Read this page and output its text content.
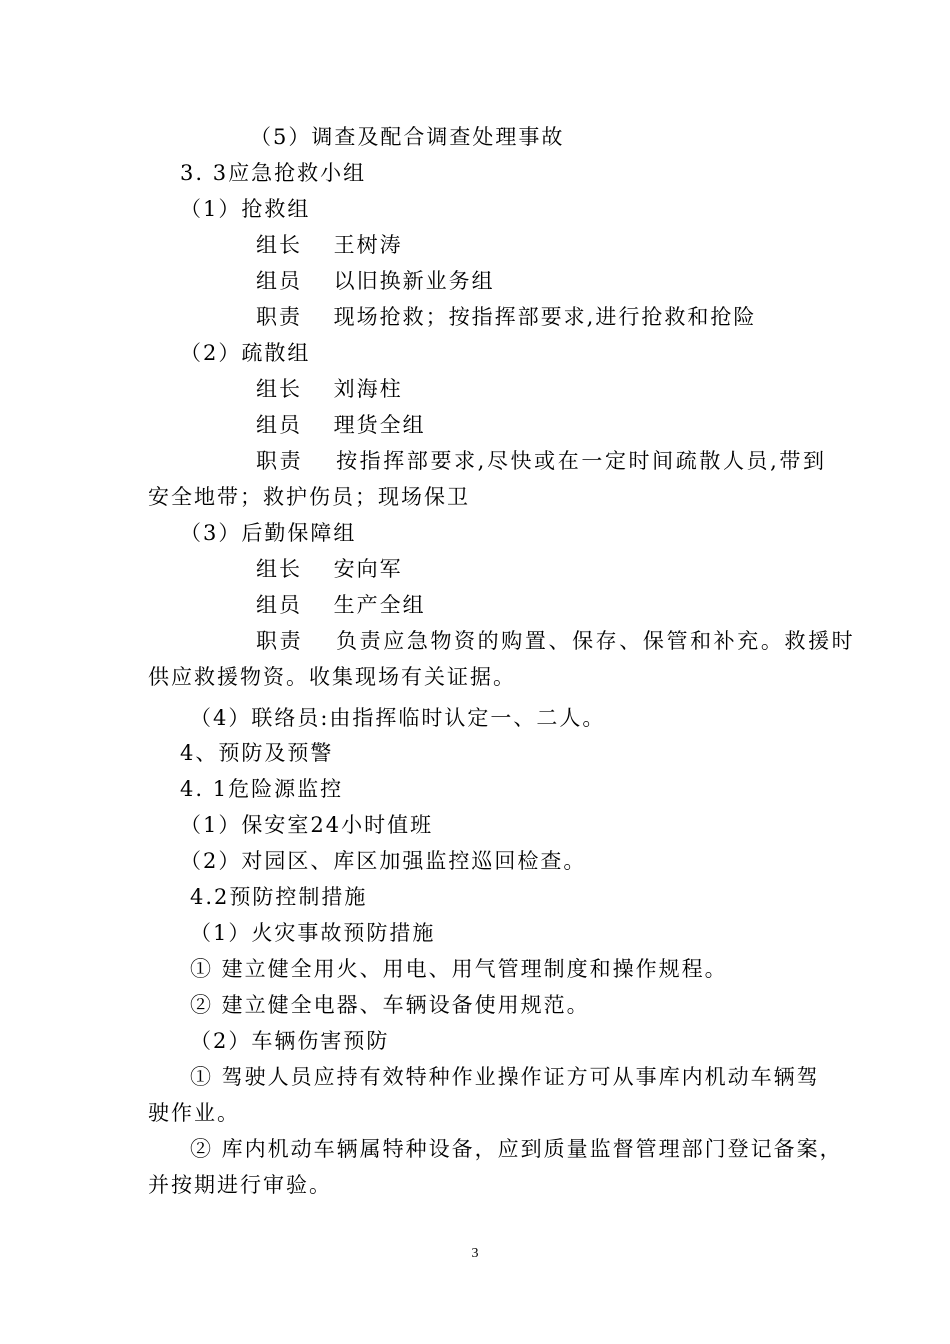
（5）调查及配合调查处理事故
3. 3应急抢救小组
（1）抢救组
组长　 王树涛
组员　 以旧换新业务组
职责　 现场抢救；按指挥部要求,进行抢救和抢险
（2）疏散组
组长　 刘海柱
组员　 理货全组
职责　 按指挥部要求,尽快或在一定时间疏散人员,带到
安全地带；救护伤员；现场保卫
（3）后勤保障组
组长　 安向军
组员　 生产全组
职责　 负责应急物资的购置、保存、保管和补充。救援时
供应救援物资。收集现场有关证据。
（4）联络员:由指挥临时认定一、二人。
4、预防及预警
4. 1危险源监控
（1）保安室24小时值班
（2）对园区、库区加强监控巡回检查。
4.2预防控制措施
（1）火灾事故预防措施
① 建立健全用火、用电、用气管理制度和操作规程。
② 建立健全电器、车辆设备使用规范。
（2）车辆伤害预防
① 驾驶人员应持有效特种作业操作证方可从事库内机动车辆驾
驶作业。
② 库内机动车辆属特种设备，应到质量监督管理部门登记备案，
并按期进行审验。
3
